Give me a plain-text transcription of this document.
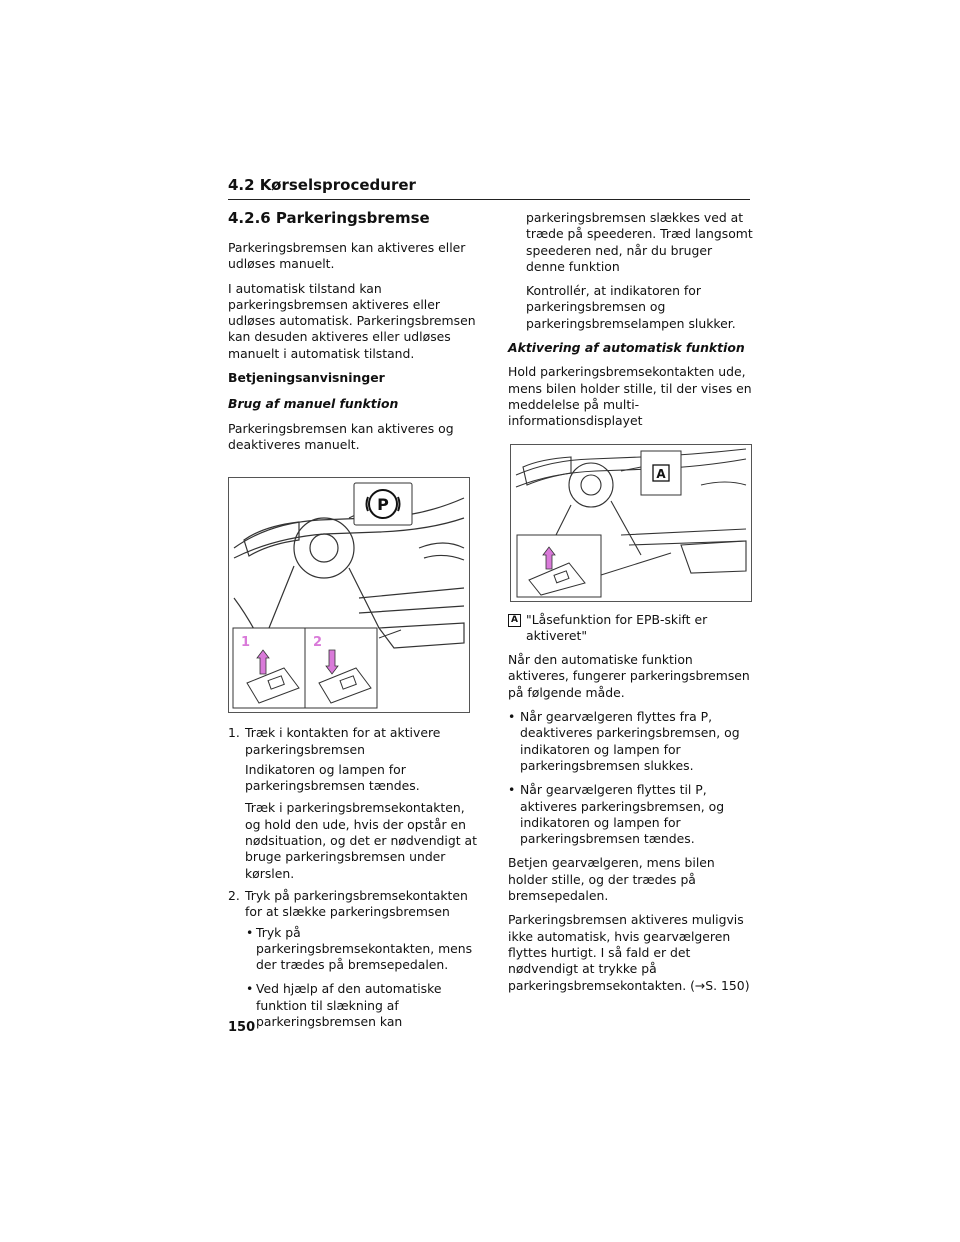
4.2 Kørselsprocedurer
4.2.6 Parkeringsbremse

Parkeringsbremsen kan aktiveres eller udløses manuelt.

I automatisk tilstand kan parkeringsbremsen aktiveres eller udløses automatisk. Parkeringsbremsen kan desuden aktiveres eller udløses manuelt i automatisk tilstand.

Betjeningsanvisninger
Brug af manuel funktion

Parkeringsbremsen kan aktiveres og deaktiveres manuelt.

P
1	2
1. Træk i kontakten for at aktivere parkeringsbremsen

Indikatoren og lampen for parkeringsbremsen tændes.

Træk i parkeringsbremsekontakten, og hold den ude, hvis der opstår en nødsituation, og det er nødvendigt at bruge parkeringsbremsen under kørslen.

2. Tryk på parkeringsbremsekontakten for at slække parkeringsbremsen
• Tryk på parkeringsbremsekontakten, mens der trædes på bremsepedalen.
• Ved hjælp af den automatiske funktion til slækning af parkeringsbremsen kan

parkeringsbremsen slækkes ved at træde på speederen. Træd langsomt speederen ned, når du bruger denne funktion

Kontrollér, at indikatoren for parkeringsbremsen og parkeringsbremselampen slukker.

Aktivering af automatisk funktion

Hold parkeringsbremsekontakten ude, mens bilen holder stille, til der vises en meddelelse på multi-informationsdisplayet

A
A "Låsefunktion for EPB-skift er aktiveret"

Når den automatiske funktion aktiveres, fungerer parkeringsbremsen på følgende måde.

• Når gearvælgeren flyttes fra P, deaktiveres parkeringsbremsen, og indikatoren og lampen for parkeringsbremsen slukkes.
• Når gearvælgeren flyttes til P, aktiveres parkeringsbremsen, og indikatoren og lampen for parkeringsbremsen tændes.

Betjen gearvælgeren, mens bilen holder stille, og der trædes på bremsepedalen.

Parkeringsbremsen aktiveres muligvis ikke automatisk, hvis gearvælgeren flyttes hurtigt. I så fald er det nødvendigt at trykke på parkeringsbremsekontakten. (→S. 150)

150
